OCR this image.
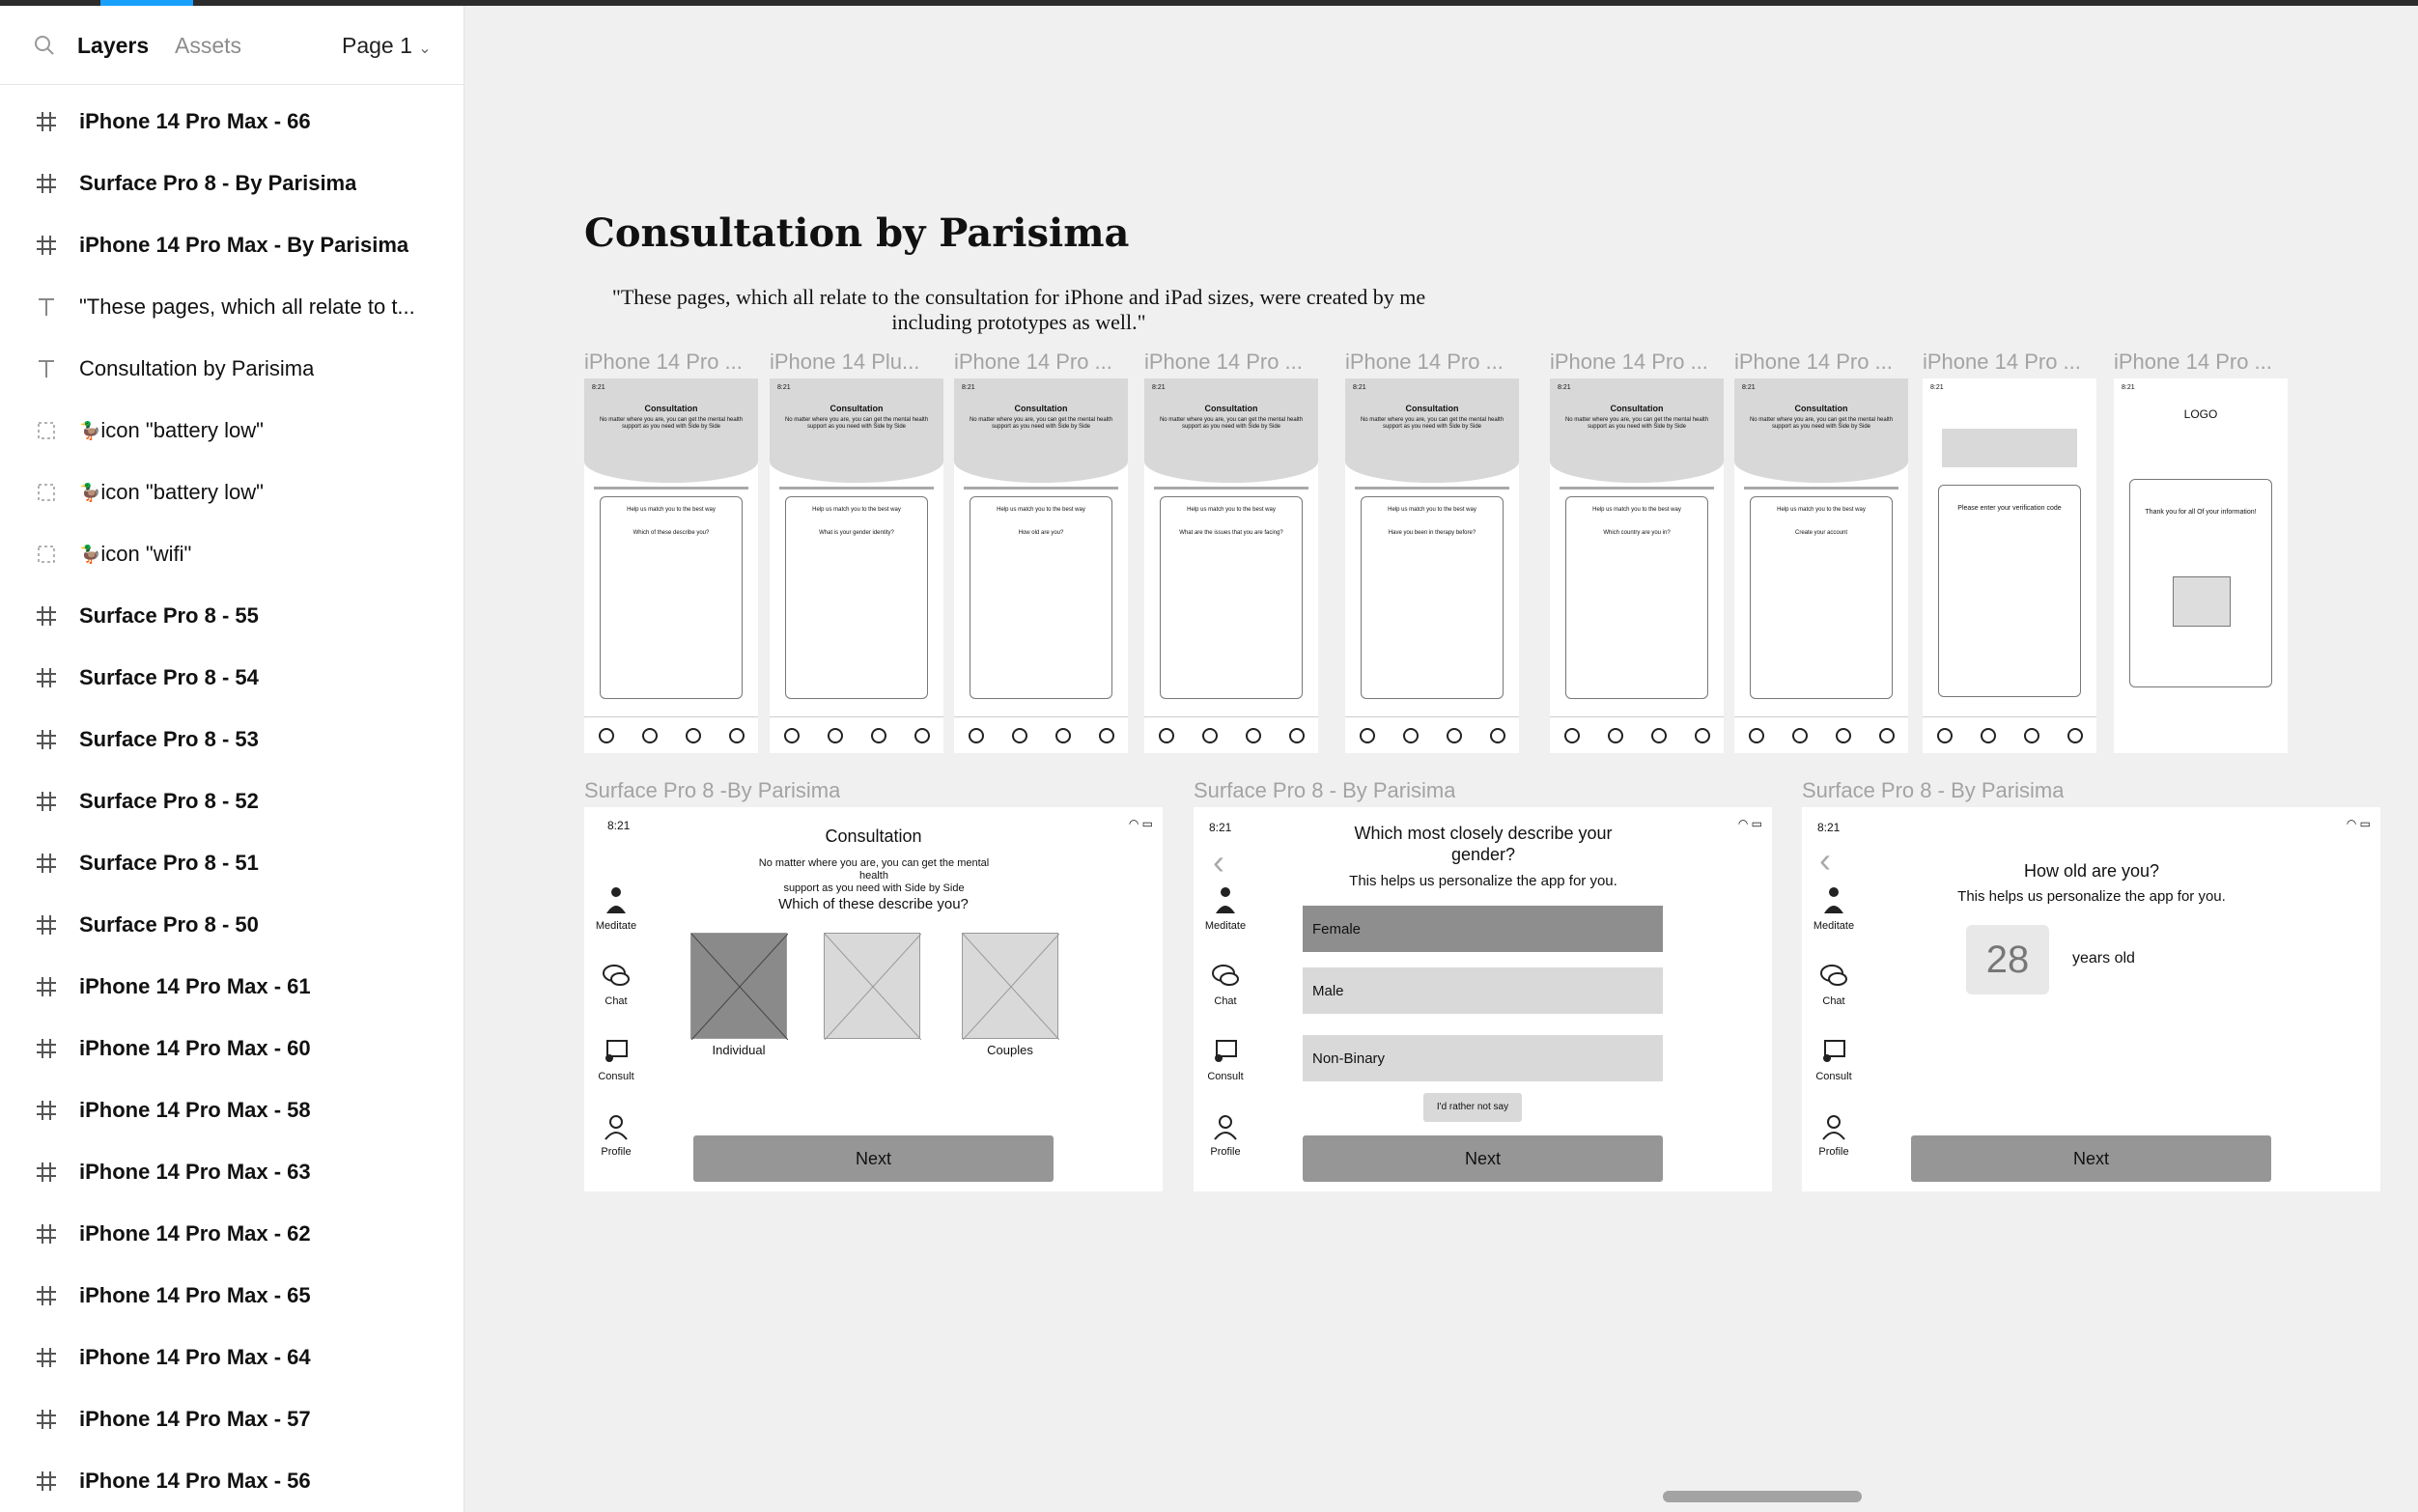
Layers Assets	Page 1 ⌄
iPhone 14 Pro Max - 66
Surface Pro 8 - By Parisima
iPhone 14 Pro Max - By Parisima
"These pages, which all relate to t...
Consultation by Parisima
🦆 icon "battery low"
🦆 icon "battery low"
🦆 icon "wifi"
Surface Pro 8 - 55
Surface Pro 8 - 54
Surface Pro 8 - 53
Surface Pro 8 - 52
Surface Pro 8 - 51
Surface Pro 8 - 50
iPhone 14 Pro Max - 61
iPhone 14 Pro Max - 60
iPhone 14 Pro Max - 58
iPhone 14 Pro Max - 63
iPhone 14 Pro Max - 62
iPhone 14 Pro Max - 65
iPhone 14 Pro Max - 64
iPhone 14 Pro Max - 57
iPhone 14 Pro Max - 56
Consultation by Parisima
"These pages, which all relate to the consultation for iPhone and iPad sizes, were created by me
including prototypes as well."
iPhone 14 Pro ...
Consultation
No matter where you are, you can get the mental health support as you need with Side by Side
Help us match you to the best way
Which of these describe you?
8:21
iPhone 14 Plu...
Consultation
No matter where you are, you can get the mental health support as you need with Side by Side
Help us match you to the best way
What is your gender identity?
8:21
iPhone 14 Pro ...
Consultation
No matter where you are, you can get the mental health support as you need with Side by Side
Help us match you to the best way
How old are you?
8:21
iPhone 14 Pro ...
Consultation
No matter where you are, you can get the mental health support as you need with Side by Side
Help us match you to the best way
What are the issues that you are facing?
8:21
iPhone 14 Pro ...
Consultation
No matter where you are, you can get the mental health support as you need with Side by Side
Help us match you to the best way
Have you been in therapy before?
8:21
iPhone 14 Pro ...
Consultation
No matter where you are, you can get the mental health support as you need with Side by Side
Help us match you to the best way
Which country are you in?
8:21
iPhone 14 Pro ...
Consultation
No matter where you are, you can get the mental health support as you need with Side by Side
Help us match you to the best way
Create your account
8:21
iPhone 14 Pro ...
Please enter your verification code
8:21
iPhone 14 Pro ...
LOGO
Thank you for all Of your information!
8:21
Surface Pro 8 -By Parisima
8:21	◠ ▭
Consultation
No matter where you are, you can get the mental
health
support as you need with Side by Side
Which of these describe you?
Meditate
Chat
Consult
Profile
Individual	Couples
Next
Surface Pro 8 - By Parisima
8:21	◠ ▭
‹
Which most closely describe your
gender?
This helps us personalize the app for you.
Meditate
Chat
Consult
Profile
Female
Male
Non-Binary
I'd rather not say
Next
Surface Pro 8 - By Parisima
8:21	◠ ▭
‹	How old are you?
This helps us personalize the app for you.
Meditate
Chat
Consult
Profile
28	years old
Next
